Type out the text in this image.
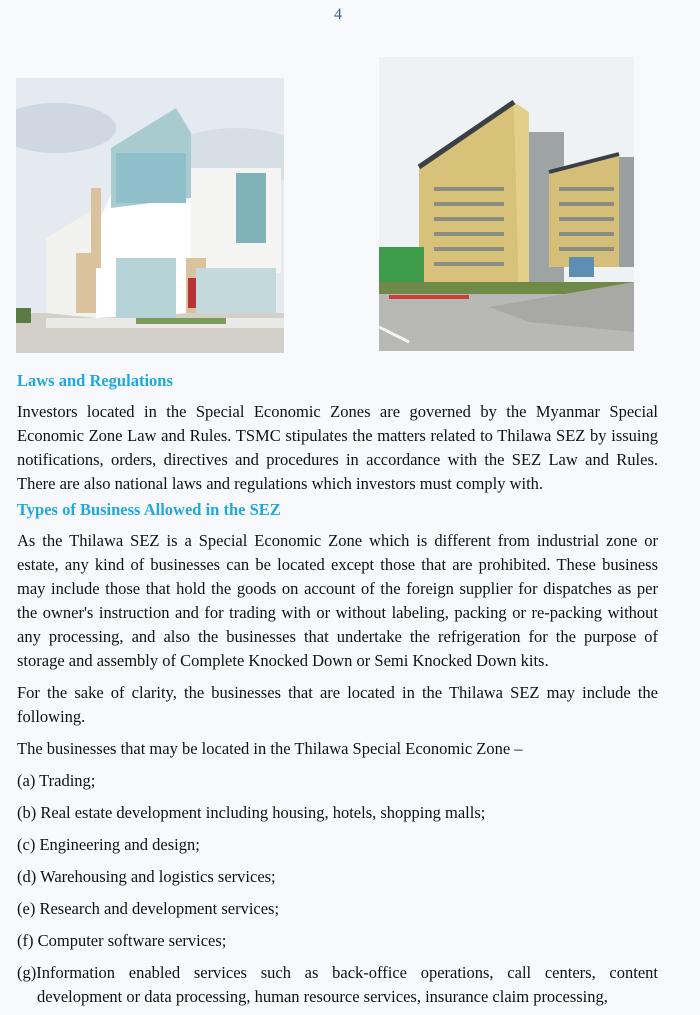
4
Laws and Regulations

Investors located in the Special Economic Zones are governed by the Myanmar Special Economic Zone Law and Rules. TSMC stipulates the matters related to Thilawa SEZ by issuing notifications, orders, directives and procedures in accordance with the SEZ Law and Rules. There are also national laws and regulations which investors must comply with.

Types of Business Allowed in the SEZ

As the Thilawa SEZ is a Special Economic Zone which is different from industrial zone or estate, any kind of businesses can be located except those that are prohibited. These business may include those that hold the goods on account of the foreign supplier for dispatches as per the owner's instruction and for trading with or without labeling, packing or re-packing without any processing, and also the businesses that undertake the refrigeration for the purpose of storage and assembly of Complete Knocked Down or Semi Knocked Down kits.

For the sake of clarity, the businesses that are located in the Thilawa SEZ may include the following.

The businesses that may be located in the Thilawa Special Economic Zone –

(a) Trading;

(b) Real estate development including housing, hotels, shopping malls;

(c) Engineering and design;

(d) Warehousing and logistics services;

(e) Research and development services;

(f) Computer software services;

(g)Information enabled services such as back-office operations, call centers, content development or data processing, human resource services, insurance claim processing,
